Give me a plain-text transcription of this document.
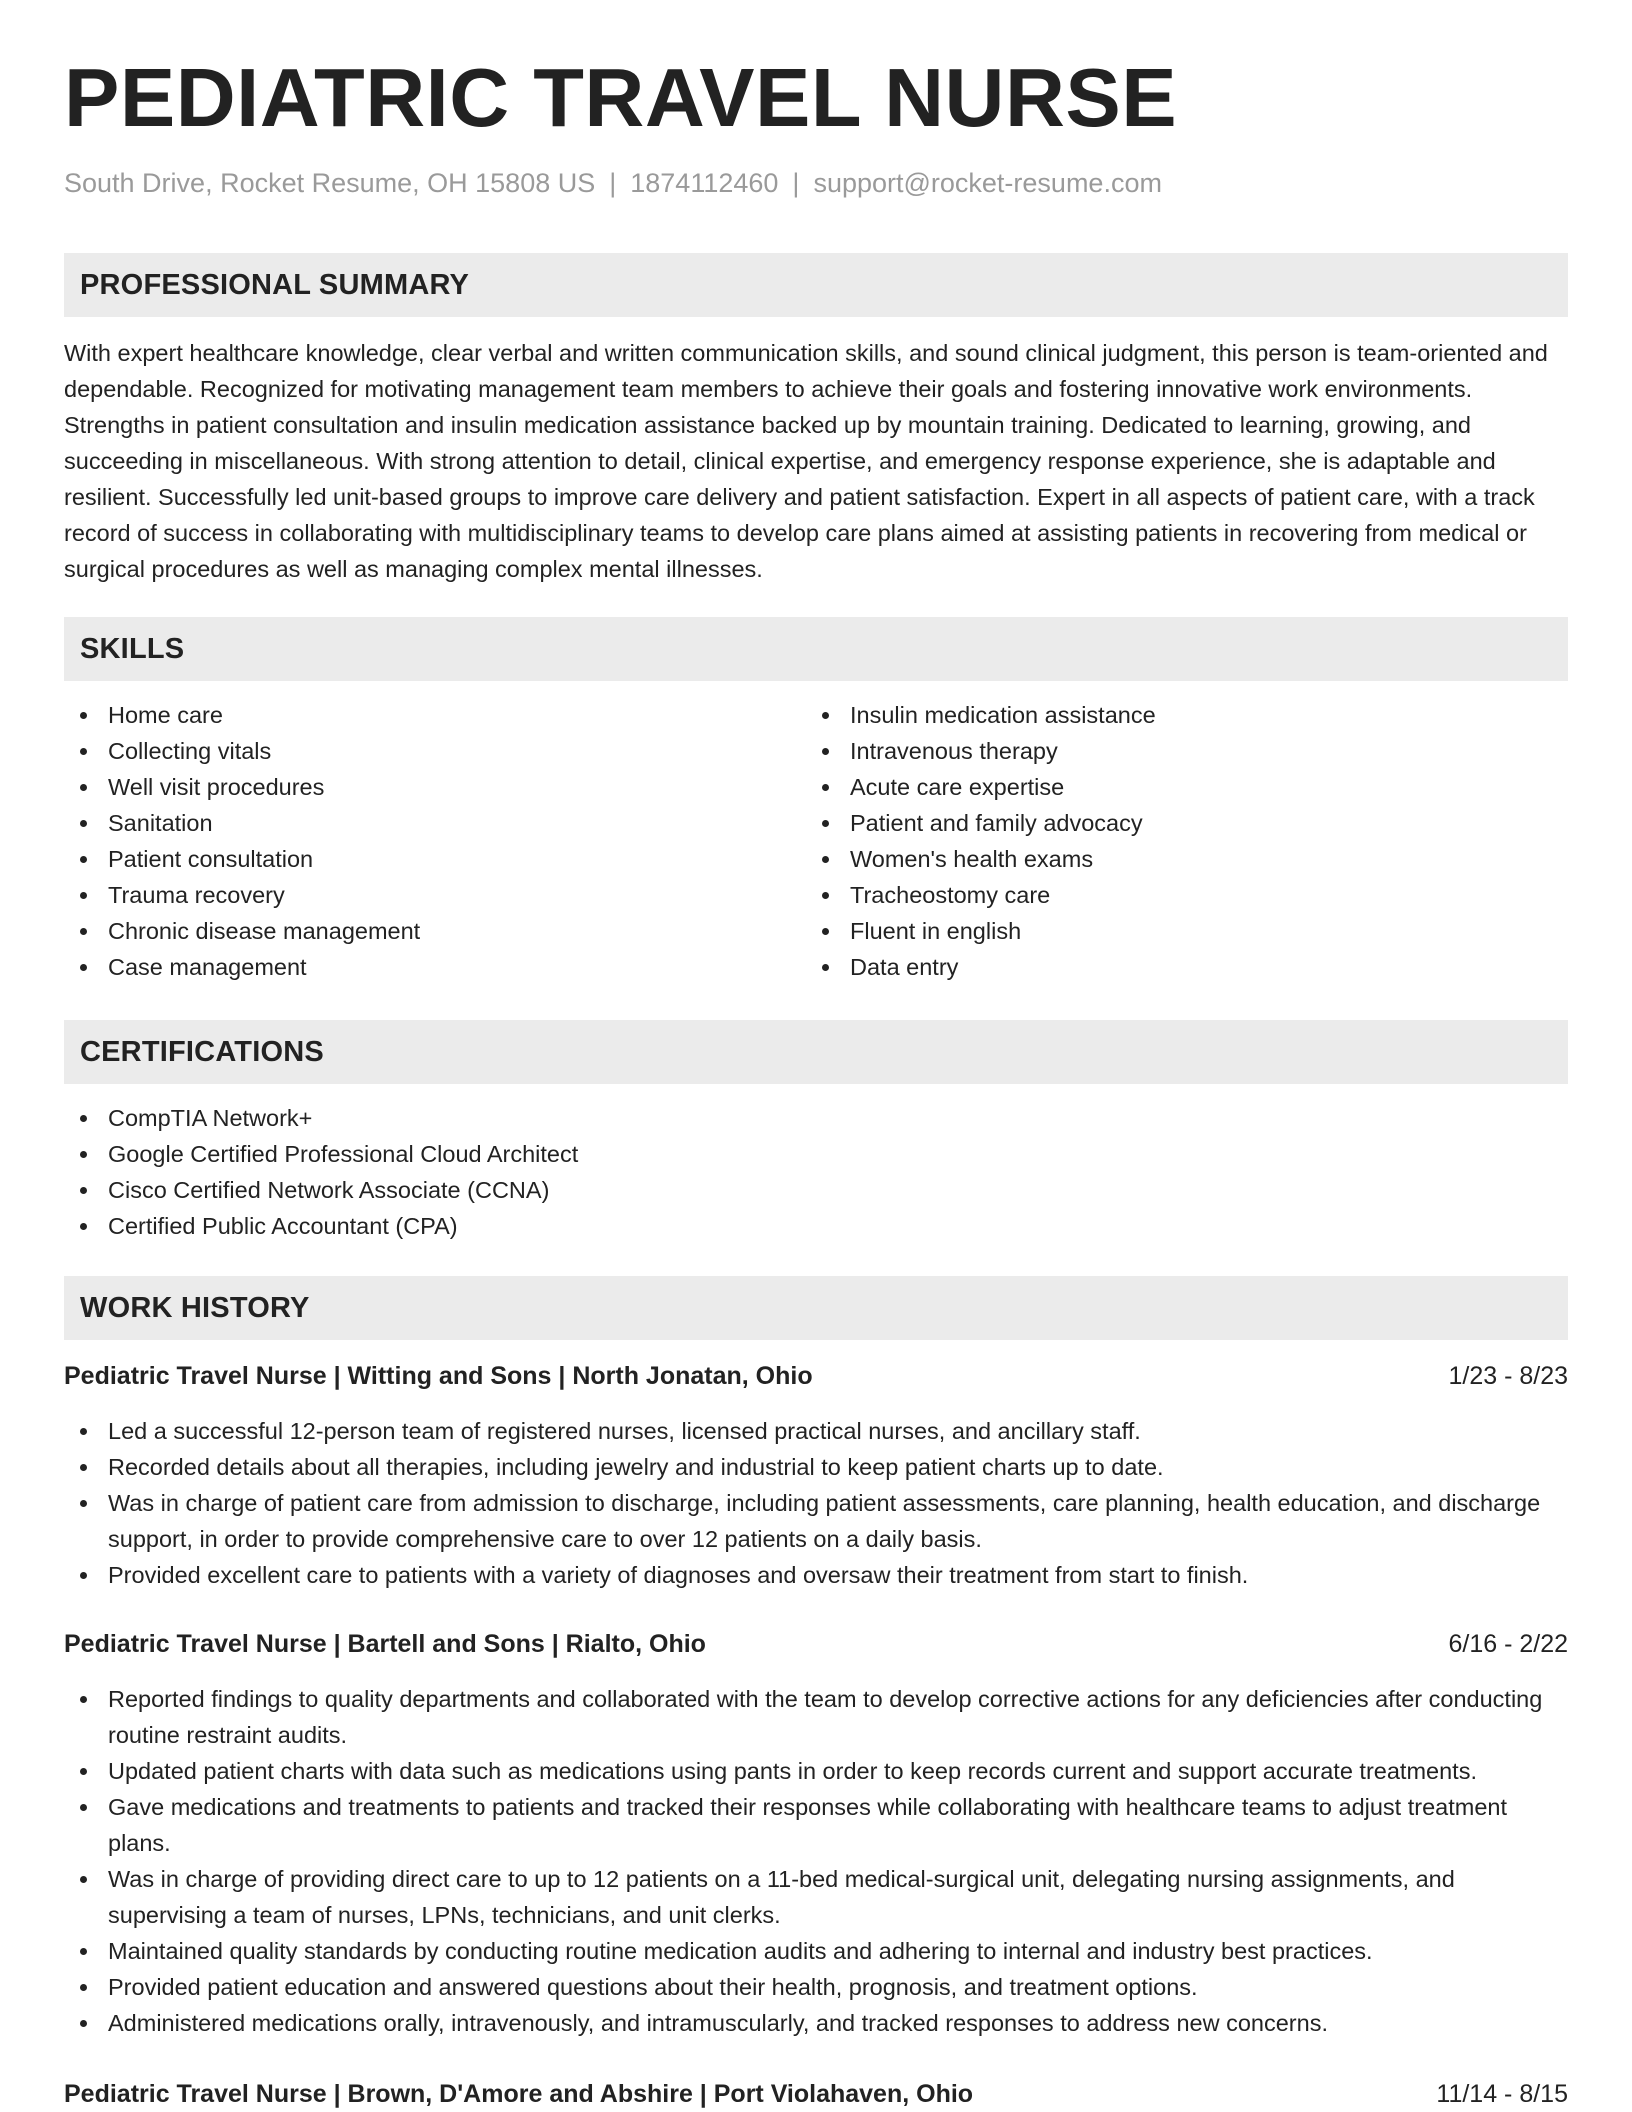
PEDIATRIC TRAVEL NURSE
South Drive, Rocket Resume, OH 15808 US | 1874112460 | support@rocket-resume.com
PROFESSIONAL SUMMARY

With expert healthcare knowledge, clear verbal and written communication skills, and sound clinical judgment, this person is team-oriented and dependable. Recognized for motivating management team members to achieve their goals and fostering innovative work environments. Strengths in patient consultation and insulin medication assistance backed up by mountain training. Dedicated to learning, growing, and succeeding in miscellaneous. With strong attention to detail, clinical expertise, and emergency response experience, she is adaptable and resilient. Successfully led unit-based groups to improve care delivery and patient satisfaction. Expert in all aspects of patient care, with a track record of success in collaborating with multidisciplinary teams to develop care plans aimed at assisting patients in recovering from medical or surgical procedures as well as managing complex mental illnesses.

SKILLS
Home care
Collecting vitals
Well visit procedures
Sanitation
Patient consultation
Trauma recovery
Chronic disease management
Case management
Insulin medication assistance
Intravenous therapy
Acute care expertise
Patient and family advocacy
Women's health exams
Tracheostomy care
Fluent in english
Data entry
CERTIFICATIONS
CompTIA Network+
Google Certified Professional Cloud Architect
Cisco Certified Network Associate (CCNA)
Certified Public Accountant (CPA)
WORK HISTORY
Pediatric Travel Nurse | Witting and Sons | North Jonatan, Ohio	1/23 - 8/23
Led a successful 12-person team of registered nurses, licensed practical nurses, and ancillary staff.
Recorded details about all therapies, including jewelry and industrial to keep patient charts up to date.
Was in charge of patient care from admission to discharge, including patient assessments, care planning, health education, and discharge support, in order to provide comprehensive care to over 12 patients on a daily basis.
Provided excellent care to patients with a variety of diagnoses and oversaw their treatment from start to finish.
Pediatric Travel Nurse | Bartell and Sons | Rialto, Ohio	6/16 - 2/22
Reported findings to quality departments and collaborated with the team to develop corrective actions for any deficiencies after conducting routine restraint audits.
Updated patient charts with data such as medications using pants in order to keep records current and support accurate treatments.
Gave medications and treatments to patients and tracked their responses while collaborating with healthcare teams to adjust treatment plans.
Was in charge of providing direct care to up to 12 patients on a 11-bed medical-surgical unit, delegating nursing assignments, and supervising a team of nurses, LPNs, technicians, and unit clerks.
Maintained quality standards by conducting routine medication audits and adhering to internal and industry best practices.
Provided patient education and answered questions about their health, prognosis, and treatment options.
Administered medications orally, intravenously, and intramuscularly, and tracked responses to address new concerns.
Pediatric Travel Nurse | Brown, D'Amore and Abshire | Port Violahaven, Ohio	11/14 - 8/15
